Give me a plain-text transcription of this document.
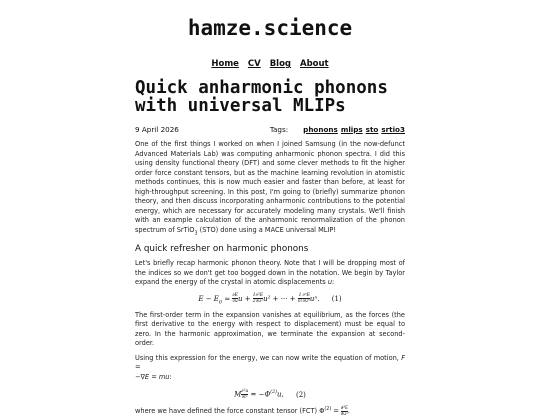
hamze.science
Home CV Blog About
Quick anharmonic phonons
with universal MLIPs
9 April 2026	Tags: phonons mlips sto srtio3

One of the first things I worked on when I joined Samsung (in the now-defunct Advanced Materials Lab) was computing anharmonic phonon spectra. I did this using density functional theory (DFT) and some clever methods to fit the higher order force constant tensors, but as the machine learning revolution in atomistic methods continues, this is now much easier and faster than before, at least for high-throughput screening. In this post, I'm going to (briefly) summarize phonon theory, and then discuss incorporating anharmonic contributions to the potential energy, which are necessary for accurately modeling many crystals. We'll finish with an example calculation of the anharmonic renormalization of the phonon spectrum of SrTiO$_3$ (STO) done using a MACE universal MLIP!

A quick refresher on harmonic phonons

Let's briefly recap harmonic phonon theory. Note that I will be dropping most of the indices so we don't get too bogged down in the notation. We begin by Taylor expand the energy of the crystal in atomic displacements u:

$E - E_0 \approx \frac{\partial E}{\partial u}$ $u + \frac{1}{2} \frac{\text{∂²E}}{\text{∂u²}} u^2$ + ··· + $\frac{1}{n!} \frac{\text{∂ⁿE}}{\text{∂uⁿ}} u^n$. (1)

The first-order term in the expansion vanishes at equilibrium, as the forces (the first derivative to the energy with respect to displacement) must be equal to zero. In the harmonic approximation, we terminate the expansion at second-order.

Using this expression for the energy, we can now write the equation of motion, F =
−∇E = mu:

M $\frac{\text{∂²u}}{\text{∂t²}} = -\Phi^{(2)}u$, (2)

where we have defined the force constant tensor (FCT) $\Phi^{(2)} = \frac{\text{∂²E}}{\text{∂u²}}$ .
